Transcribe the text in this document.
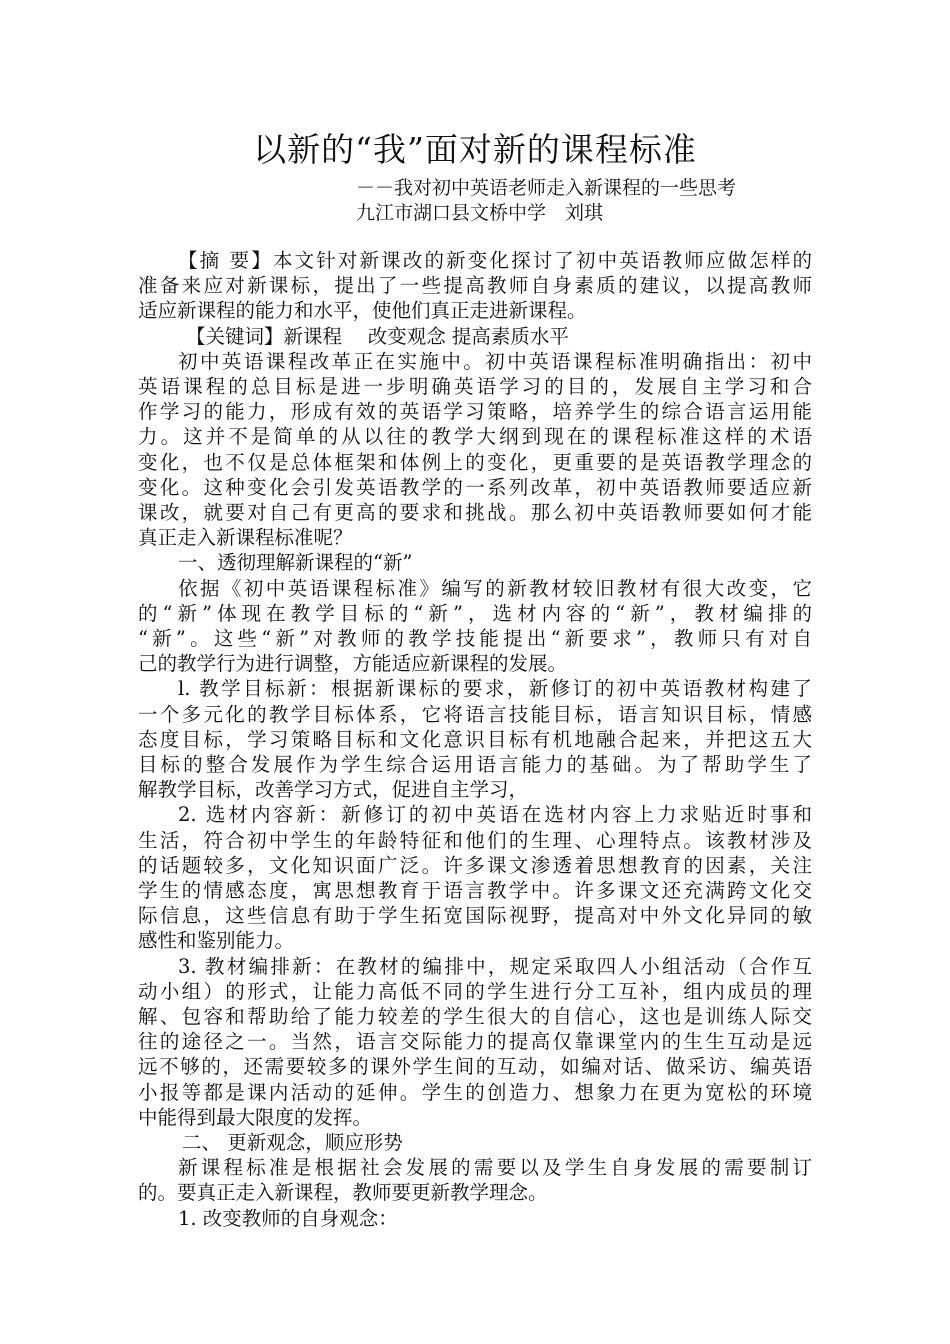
以新的“我”面对新的课程标准
－－我对初中英语老师走入新课程的一些思考
九江市湖口县文桥中学　刘琪
【摘 要】本文针对新课改的新变化探讨了初中英语教师应做怎样的
准备来应对新课标，提出了一些提高教师自身素质的建议，以提高教师
适应新课程的能力和水平，使他们真正走进新课程。
【关键词】新课程　 改变观念 提高素质水平
初中英语课程改革正在实施中。初中英语课程标准明确指出：初中
英语课程的总目标是进一步明确英语学习的目的，发展自主学习和合
作学习的能力，形成有效的英语学习策略，培养学生的综合语言运用能
力。这并不是简单的从以往的教学大纲到现在的课程标准这样的术语
变化，也不仅是总体框架和体例上的变化，更重要的是英语教学理念的
变化。这种变化会引发英语教学的一系列改革，初中英语教师要适应新
课改，就要对自己有更高的要求和挑战。那么初中英语教师要如何才能
真正走入新课程标准呢？
一、透彻理解新课程的“新”
依据《初中英语课程标准》编写的新教材较旧教材有很大改变，它
的“新”体现在教学目标的“新”，选材内容的“新”，教材编排的
“新”。这些“新”对教师的教学技能提出“新要求”，教师只有对自
己的教学行为进行调整，方能适应新课程的发展。
l. 教学目标新：根据新课标的要求，新修订的初中英语教材构建了
一个多元化的教学目标体系，它将语言技能目标，语言知识目标，情感
态度目标，学习策略目标和文化意识目标有机地融合起来，并把这五大
目标的整合发展作为学生综合运用语言能力的基础。为了帮助学生了
解教学目标，改善学习方式，促进自主学习，
2. 选材内容新：新修订的初中英语在选材内容上力求贴近时事和
生活，符合初中学生的年龄特征和他们的生理、心理特点。该教材涉及
的话题较多，文化知识面广泛。许多课文渗透着思想教育的因素，关注
学生的情感态度，寓思想教育于语言教学中。许多课文还充满跨文化交
际信息，这些信息有助于学生拓宽国际视野，提高对中外文化异同的敏
感性和鉴别能力。
3. 教材编排新：在教材的编排中，规定采取四人小组活动（合作互
动小组）的形式，让能力高低不同的学生进行分工互补，组内成员的理
解、包容和帮助给了能力较差的学生很大的自信心，这也是训练人际交
往的途径之一。当然，语言交际能力的提高仅靠课堂内的生生互动是远
远不够的，还需要较多的课外学生间的互动，如编对话、做采访、编英语
小报等都是课内活动的延伸。学生的创造力、想象力在更为宽松的环境
中能得到最大限度的发挥。
二、 更新观念，顺应形势
新课程标准是根据社会发展的需要以及学生自身发展的需要制订
的。要真正走入新课程，教师要更新教学理念。
1. 改变教师的自身观念：
